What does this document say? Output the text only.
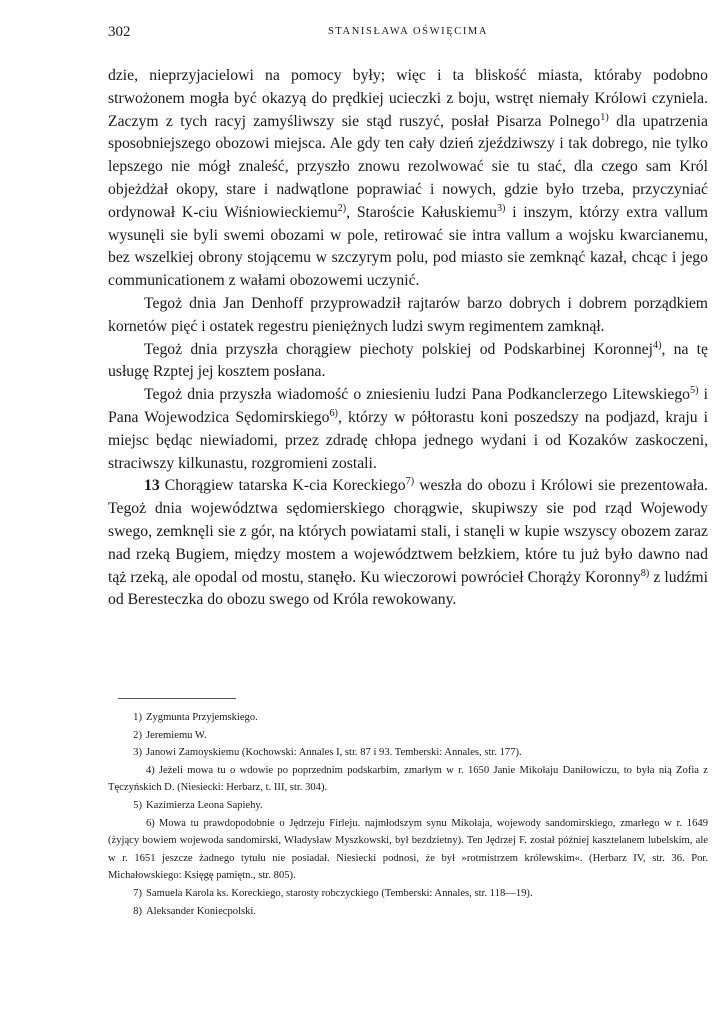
302	STANISŁAWA OŚWIĘCIMA

dzie, nieprzyjacielowi na pomocy były; więc i ta bliskość miasta, któraby podobno strwożonem mogła być okazyą do prędkiej ucieczki z boju, wstręt niemały Królowi czyniela. Zaczym z tych racyj zamyśliwszy sie stąd ruszyć, posłał Pisarza Polnego$^{1)}$ dla upatrzenia sposobniejszego obozowi miejsca. Ale gdy ten cały dzień zjeździwszy i tak dobrego, nie tylko lepszego nie mógł znaleść, przyszło znowu rezolwować sie tu stać, dla czego sam Król objeżdżał okopy, stare i nadwątlone poprawiać i nowych, gdzie było trzeba, przyczyniać ordynował K-ciu Wiśniowieckiemu$^{2)}$, Staroście Kałuskiemu$^{3)}$ i inszym, którzy extra vallum wysunęli sie byli swemi obozami w pole, retirować sie intra vallum a wojsku kwarcianemu, bez wszelkiej obrony stojącemu w szczyrym polu, pod miasto sie zemknąć kazał, chcąc i jego communicationem z wałami obozowemi uczynić.

Tegoż dnia Jan Denhoff przyprowadził rajtarów barzo dobrych i dobrem porządkiem kornetów pięć i ostatek regestru pieniężnych ludzi swym regimentem zamknął.

Tegoż dnia przyszła chorągiew piechoty polskiej od Podskarbinej Koronnej$^{4)}$, na tę usługę Rzptej jej kosztem posłana.

Tegoż dnia przyszła wiadomość o zniesieniu ludzi Pana Podkanclerzego Litewskiego$^{5)}$ i Pana Wojewodzica Sędomirskiego$^{6)}$, którzy w półtorastu koni poszedszy na podjazd, kraju i miejsc będąc niewiadomi, przez zdradę chłopa jednego wydani i od Kozaków zaskoczeni, straciwszy kilkunastu, rozgromieni zostali.

13 Chorągiew tatarska K-cia Koreckiego$^{7)}$ weszła do obozu i Królowi sie prezentowała. Tegoż dnia województwa sędomierskiego chorągwie, skupiwszy sie pod rząd Wojewody swego, zemknęli sie z gór, na których powiatami stali, i stanęli w kupie wszyscy obozem zaraz nad rzeką Bugiem, między mostem a województwem bełzkiem, które tu już było dawno nad tąż rzeką, ale opodal od mostu, stanęło. Ku wieczorowi powrócieł Chorąży Koronny$^{8)}$ z ludźmi od Beresteczka do obozu swego od Króla rewokowany.

1) Zygmunta Przyjemskiego.

2) Jeremiemu W.

3) Janowi Zamoyskiemu (Kochowski: Annales I, str. 87 i 93. Temberski: Annales, str. 177).

4) Jeżeli mowa tu o wdowie po poprzednim podskarbim, zmarłym w r. 1650 Janie Mikołaju Daniłowiczu, to była nią Zofia z Tęczyńskich D. (Niesiecki: Herbarz, t. III, str. 304).

5) Kazimierza Leona Sapiehy.

6) Mowa tu prawdopodobnie o Jędrzeju Firleju. najmłodszym synu Mikołaja, wojewody sandomirskiego, zmarłego w r. 1649 (żyjący bowiem wojewoda sandomirski, Władysław Myszkowski, był bezdzietny). Ten Jędrzej F. został później kasztelanem lubelskim, ale w r. 1651 jeszcze żadnego tytułu nie posiadał. Niesiecki podnosi, że był »rotmistrzem królewskim«. (Herbarz IV, str. 36. Por. Michałowskiego: Księgę pamiętn., str. 805).

7) Samuela Karola ks. Koreckiego, starosty robczyckiego (Temberski: Annales, str. 118—19).

8) Aleksander Koniecpolski.
